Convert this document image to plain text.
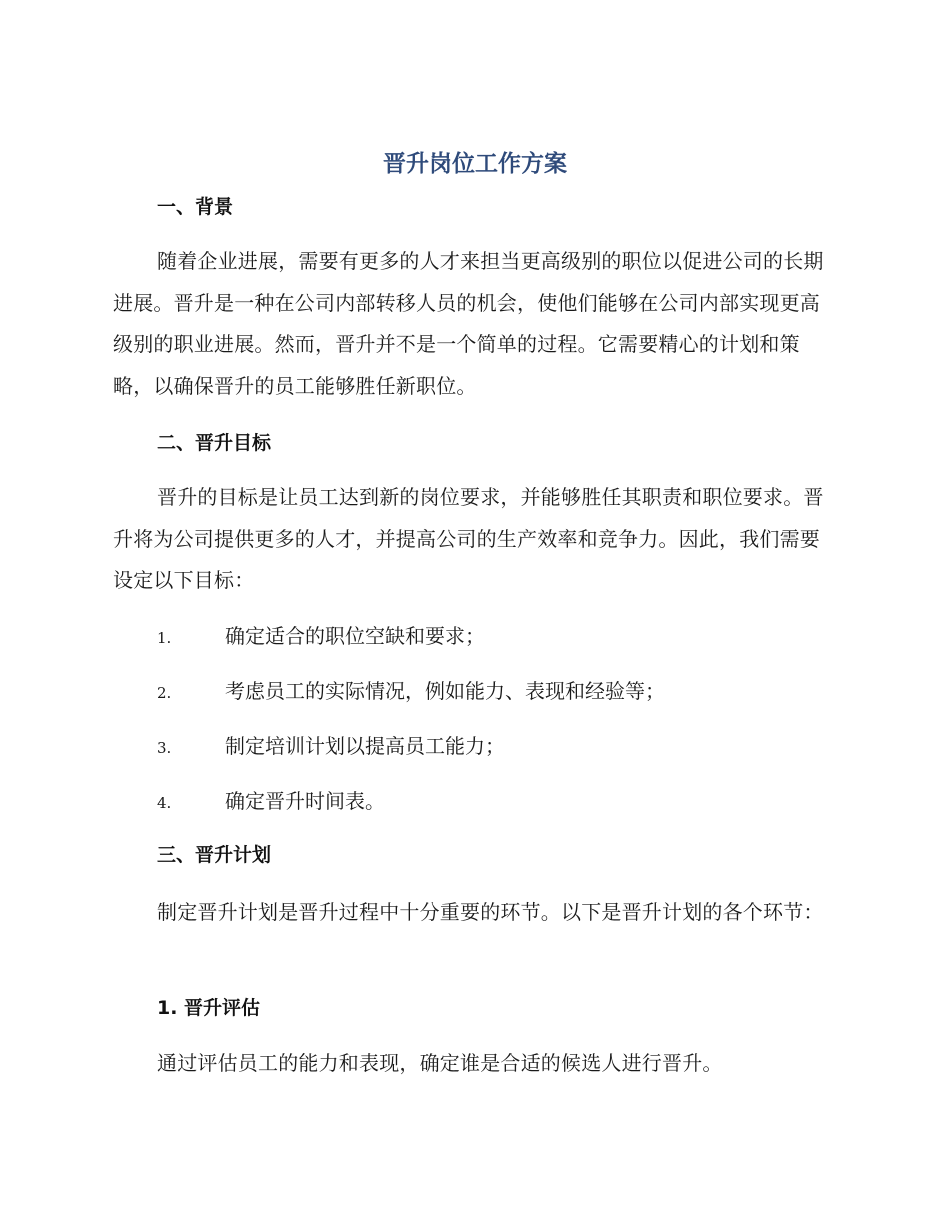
晋升岗位工作方案
一、背景

随着企业进展，需要有更多的人才来担当更高级别的职位以促进公司的长期进展。晋升是一种在公司内部转移人员的机会，使他们能够在公司内部实现更高级别的职业进展。然而，晋升并不是一个简单的过程。它需要精心的计划和策略，以确保晋升的员工能够胜任新职位。

二、晋升目标

晋升的目标是让员工达到新的岗位要求，并能够胜任其职责和职位要求。晋升将为公司提供更多的人才，并提高公司的生产效率和竞争力。因此，我们需要设定以下目标：

1.	确定适合的职位空缺和要求；
2.	考虑员工的实际情况，例如能力、表现和经验等；
3.	制定培训计划以提高员工能力；
4.	确定晋升时间表。
三、晋升计划

制定晋升计划是晋升过程中十分重要的环节。以下是晋升计划的各个环节：

1. 晋升评估

通过评估员工的能力和表现，确定谁是合适的候选人进行晋升。
